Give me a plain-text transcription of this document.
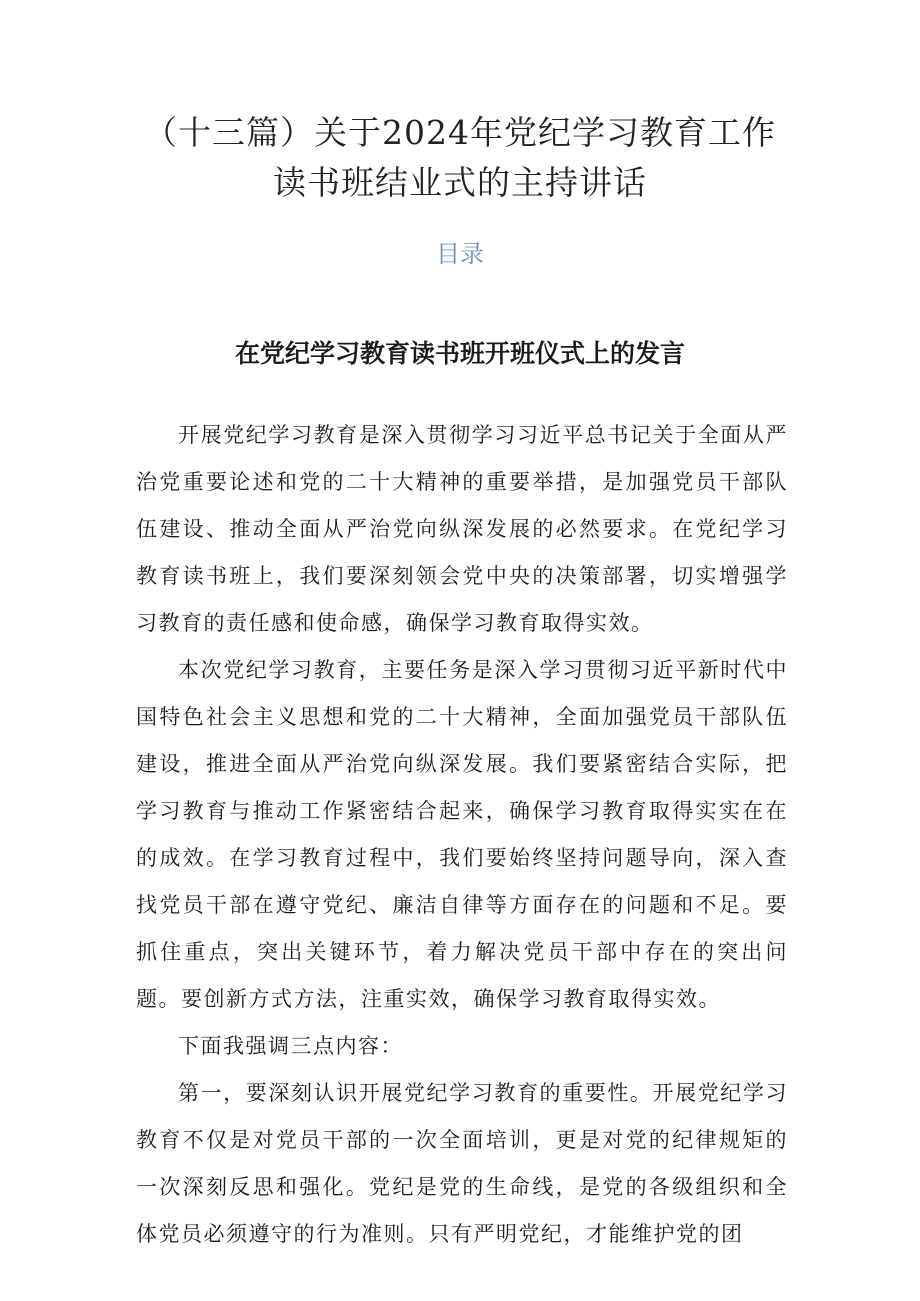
（十三篇）关于2024年党纪学习教育工作
读书班结业式的主持讲话
目录
在党纪学习教育读书班开班仪式上的发言

开展党纪学习教育是深入贯彻学习习近平总书记关于全面从严治党重要论述和党的二十大精神的重要举措，是加强党员干部队伍建设、推动全面从严治党向纵深发展的必然要求。在党纪学习教育读书班上，我们要深刻领会党中央的决策部署，切实增强学习教育的责任感和使命感，确保学习教育取得实效。

本次党纪学习教育，主要任务是深入学习贯彻习近平新时代中国特色社会主义思想和党的二十大精神，全面加强党员干部队伍建设，推进全面从严治党向纵深发展。我们要紧密结合实际，把学习教育与推动工作紧密结合起来，确保学习教育取得实实在在的成效。在学习教育过程中，我们要始终坚持问题导向，深入查找党员干部在遵守党纪、廉洁自律等方面存在的问题和不足。要抓住重点，突出关键环节，着力解决党员干部中存在的突出问题。要创新方式方法，注重实效，确保学习教育取得实效。

下面我强调三点内容：

第一，要深刻认识开展党纪学习教育的重要性。开展党纪学习教育不仅是对党员干部的一次全面培训，更是对党的纪律规矩的一次深刻反思和强化。党纪是党的生命线，是党的各级组织和全体党员必须遵守的行为准则。只有严明党纪，才能维护党的团
